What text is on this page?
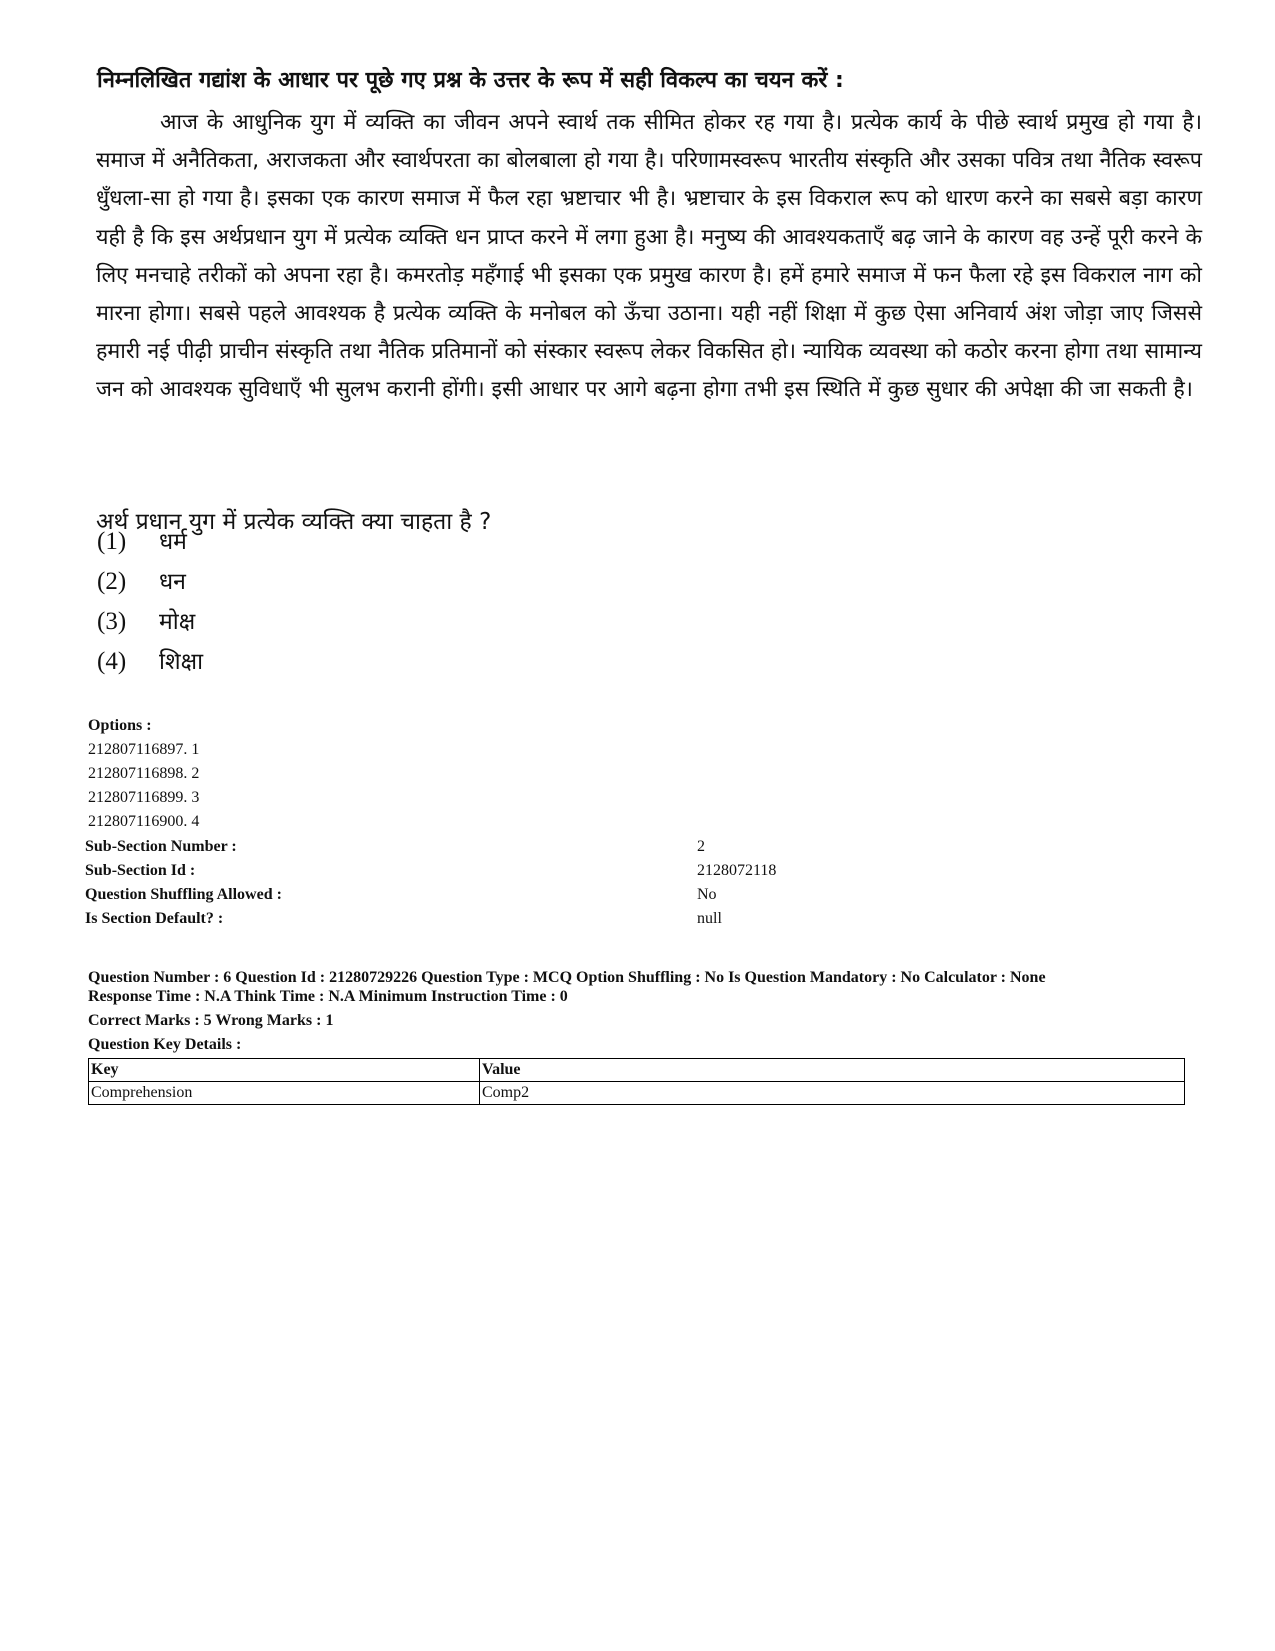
निम्नलिखित गद्यांश के आधार पर पूछे गए प्रश्न के उत्तर के रूप में सही विकल्प का चयन करें :

आज के आधुनिक युग में व्यक्ति का जीवन अपने स्वार्थ तक सीमित होकर रह गया है। प्रत्येक कार्य के पीछे स्वार्थ प्रमुख हो गया है। समाज में अनैतिकता, अराजकता और स्वार्थपरता का बोलबाला हो गया है। परिणामस्वरूप भारतीय संस्कृति और उसका पवित्र तथा नैतिक स्वरूप धुँधला-सा हो गया है। इसका एक कारण समाज में फैल रहा भ्रष्टाचार भी है। भ्रष्टाचार के इस विकराल रूप को धारण करने का सबसे बड़ा कारण यही है कि इस अर्थप्रधान युग में प्रत्येक व्यक्ति धन प्राप्त करने में लगा हुआ है। मनुष्य की आवश्यकताएँ बढ़ जाने के कारण वह उन्हें पूरी करने के लिए मनचाहे तरीकों को अपना रहा है। कमरतोड़ महँगाई भी इसका एक प्रमुख कारण है। हमें हमारे समाज में फन फैला रहे इस विकराल नाग को मारना होगा। सबसे पहले आवश्यक है प्रत्येक व्यक्ति के मनोबल को ऊँचा उठाना। यही नहीं शिक्षा में कुछ ऐसा अनिवार्य अंश जोड़ा जाए जिससे हमारी नई पीढ़ी प्राचीन संस्कृति तथा नैतिक प्रतिमानों को संस्कार स्वरूप लेकर विकसित हो। न्यायिक व्यवस्था को कठोर करना होगा तथा सामान्य जन को आवश्यक सुविधाएँ भी सुलभ करानी होंगी। इसी आधार पर आगे बढ़ना होगा तभी इस स्थिति में कुछ सुधार की अपेक्षा की जा सकती है।

अर्थ प्रधान युग में प्रत्येक व्यक्ति क्या चाहता है ?
(1) धर्म
(2) धन
(3) मोक्ष
(4) शिक्षा
Options :
212807116897. 1
212807116898. 2
212807116899. 3
212807116900. 4
Sub-Section Number :	2
Sub-Section Id :	2128072118
Question Shuffling Allowed :	No
Is Section Default? :	null
Question Number : 6 Question Id : 21280729226 Question Type : MCQ Option Shuffling : No Is Question Mandatory : No Calculator : None
Response Time : N.A Think Time : N.A Minimum Instruction Time : 0
Correct Marks : 5 Wrong Marks : 1
Question Key Details :
Key	Value
Comprehension	Comp2
